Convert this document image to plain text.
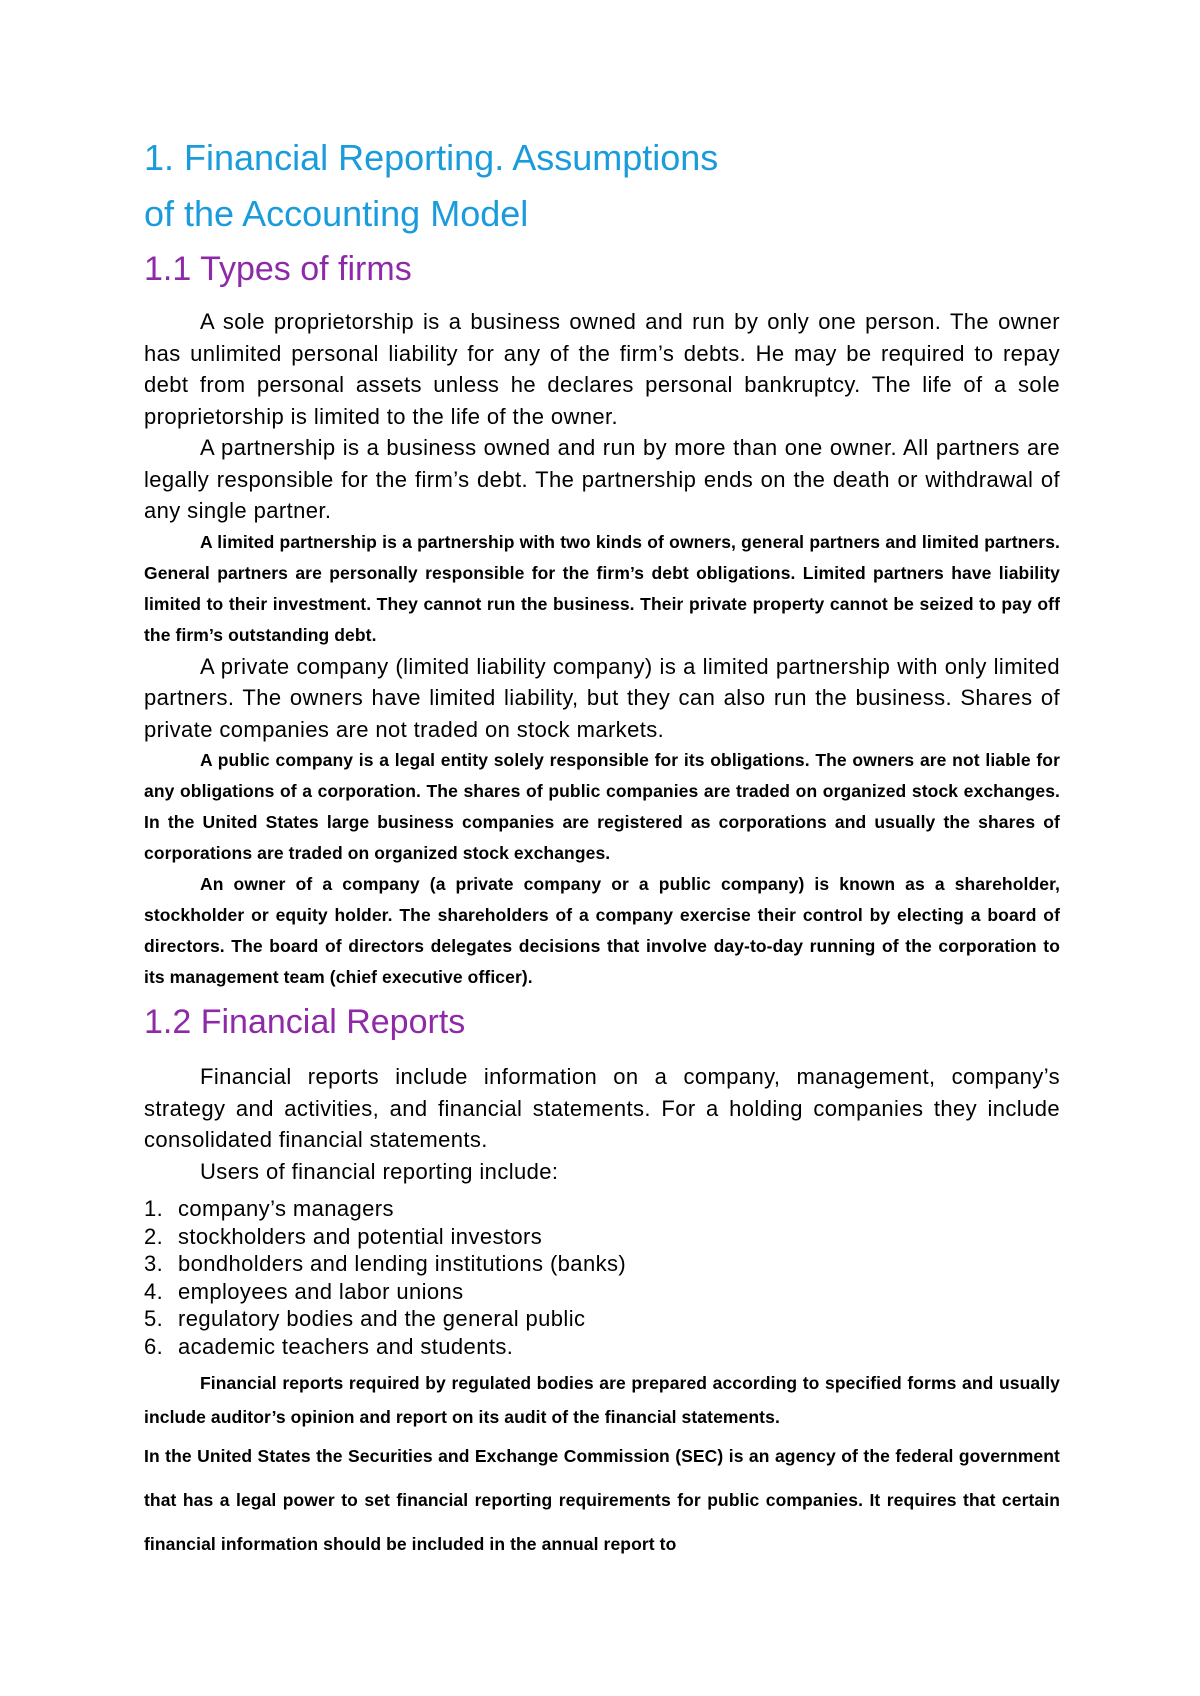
1. Financial Reporting. Assumptions
of the Accounting Model
1.1 Types of firms

A sole proprietorship is a business owned and run by only one person. The owner has unlimited personal liability for any of the firm’s debts. He may be required to repay debt from personal assets unless he declares personal bankruptcy. The life of a sole proprietorship is limited to the life of the owner.

A partnership is a business owned and run by more than one owner. All partners are legally responsible for the firm’s debt. The partnership ends on the death or withdrawal of any single partner.

A limited partnership is a partnership with two kinds of owners, general partners and limited partners. General partners are personally responsible for the firm’s debt obligations. Limited partners have liability limited to their investment. They cannot run the business. Their private property cannot be seized to pay off the firm’s outstanding debt.

A private company (limited liability company) is a limited partnership with only limited partners. The owners have limited liability, but they can also run the business. Shares of private companies are not traded on stock markets.

A public company is a legal entity solely responsible for its obligations. The owners are not liable for any obligations of a corporation. The shares of public companies are traded on organized stock exchanges. In the United States large business companies are registered as corporations and usually the shares of corporations are traded on organized stock exchanges.

An owner of a company (a private company or a public company) is known as a shareholder, stockholder or equity holder. The shareholders of a company exercise their control by electing a board of directors. The board of directors delegates decisions that involve day-to-day running of the corporation to its management team (chief executive officer).

1.2 Financial Reports

Financial reports include information on a company, management, company’s strategy and activities, and financial statements. For a holding companies they include consolidated financial statements.

Users of financial reporting include:

1. company’s managers
2. stockholders and potential investors
3. bondholders and lending institutions (banks)
4. employees and labor unions
5. regulatory bodies and the general public
6. academic teachers and students.

Financial reports required by regulated bodies are prepared according to specified forms and usually include auditor’s opinion and report on its audit of the financial statements.

In the United States the Securities and Exchange Commission (SEC) is an agency of the federal government that has a legal power to set financial reporting requirements for public companies. It requires that certain financial information should be included in the annual report to
